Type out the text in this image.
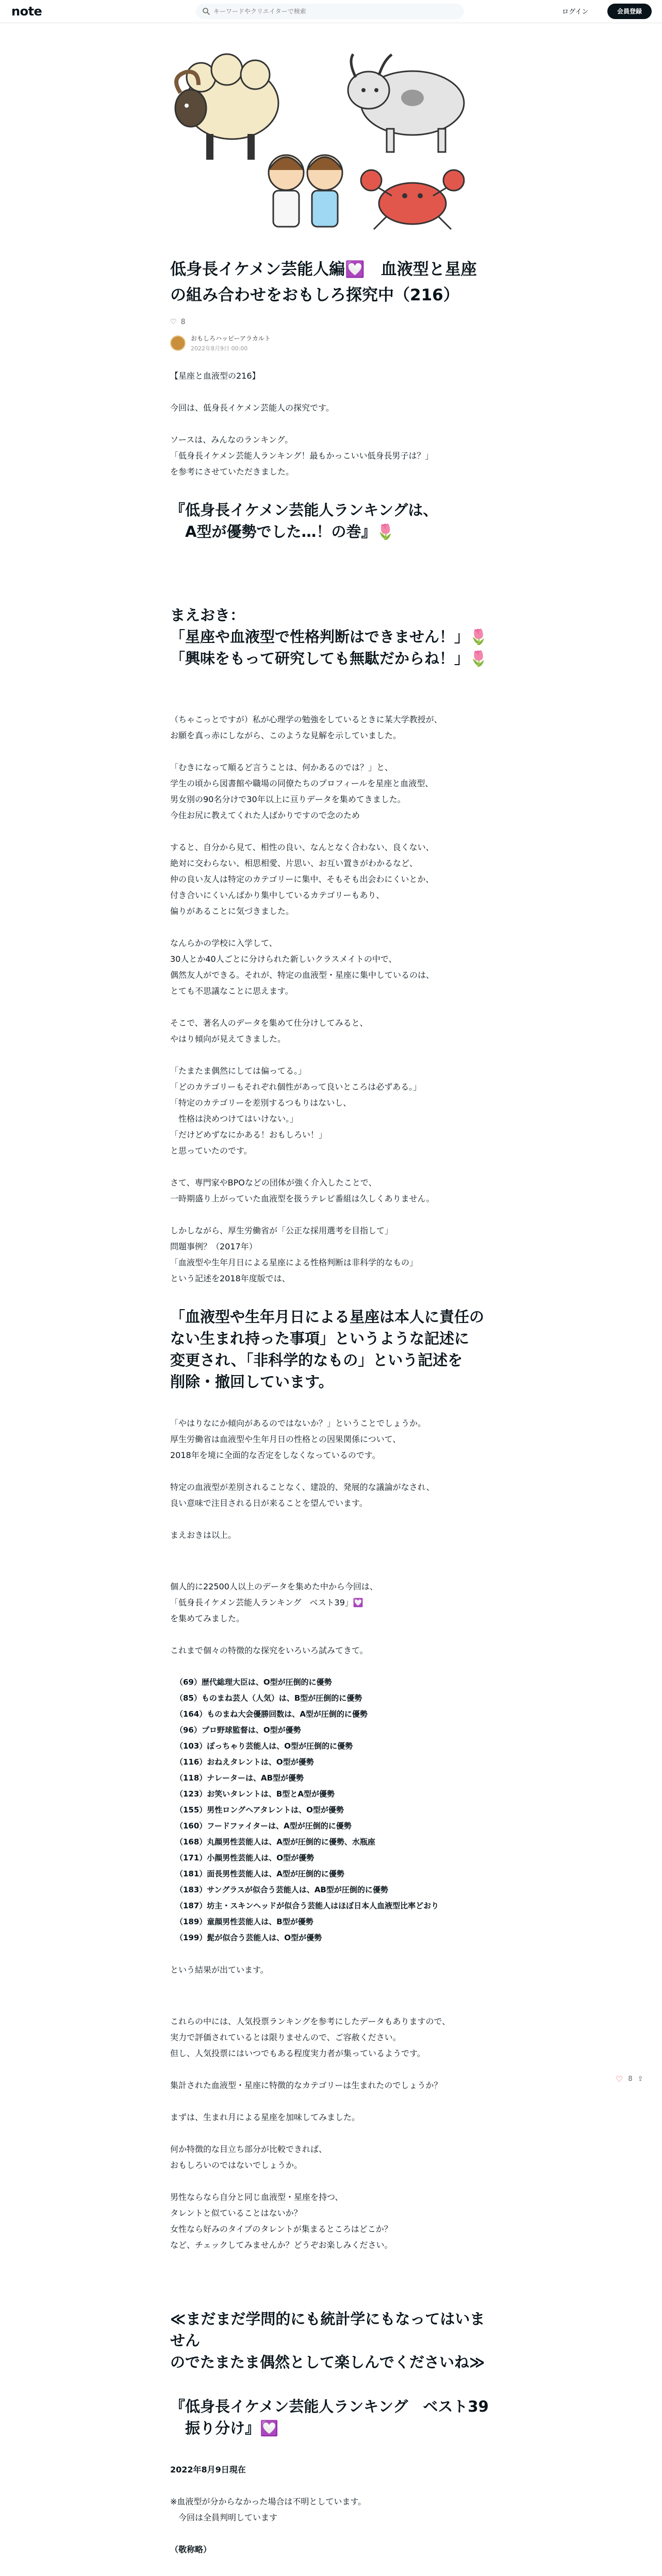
note
キーワードやクリエイターで検索	ログイン	会員登録
低身長イケメン芸能人編💟　血液型と星座の組み合わせをおもしろ探究中（216）
♡ 8
おもしろハッピーアラカルト
2022年8月9日 00:00

【星座と血液型の216】

今回は、低身長イケメン芸能人の探究です。

ソースは、みんなのランキング。
「低身長イケメン芸能人ランキング！最もかっこいい低身長男子は？」
を参考にさせていただきました。

『低身長イケメン芸能人ランキングは、
　A型が優勢でした…！の巻』🌷
まえおき：
「星座や血液型で性格判断はできません！」🌷
「興味をもって研究しても無駄だからね！」🌷

（ちゃこっとですが）私が心理学の勉強をしているときに某大学教授が、
お願を真っ赤にしながら、このような見解を示していました。

「むきになって順るど言うことは、何かあるのでは？」と、
学生の頃から図書館や職場の同僚たちのプロフィールを星座と血液型、
男女別の90名分けで30年以上に亘りデータを集めてきました。
今住お尻に教えてくれた人ばかりですので念のため

すると、自分から見て、相性の良い、なんとなく合わない、良くない、
絶対に交わらない、相思相愛、片思い、お互い置きがわかるなど、
仲の良い友人は特定のカテゴリーに集中、そもそも出会わにくいとか、
付き合いにくいんばかり集中しているカテゴリーもあり、
偏りがあることに気づきました。

なんらかの学校に入学して、
30人とか40人ごとに分けられた新しいクラスメイトの中で、
偶然友人ができる。それが、特定の血液型・星座に集中しているのは、
とても不思議なことに思えます。

そこで、著名人のデータを集めて仕分けしてみると、
やはり傾向が見えてきました。

「たまたま偶然にしては偏ってる。」
「どのカテゴリーもそれぞれ個性があって良いところは必ずある。」
「特定のカテゴリーを差別するつもりはないし、
　性格は決めつけてはいけない。」
「だけどめずなにかある！おもしろい！」
と思っていたのです。

さて、専門家やBPOなどの団体が強く介入したことで、
一時期盛り上がっていた血液型を扱うテレビ番組は久しくありません。

しかしながら、厚生労働省が「公正な採用選考を目指して」
問題事例？（2017年）
「血液型や生年月日による星座による性格判断は非科学的なもの」
という記述を2018年度版では、

「血液型や生年月日による星座は本人に責任の
ない生まれ持った事項」というような記述に
変更され、「非科学的なもの」という記述を
削除・撤回しています。

「やはりなにか傾向があるのではないか？」ということでしょうか。
厚生労働省は血液型や生年月日の性格との因果関係について、
2018年を境に全面的な否定をしなくなっているのです。

特定の血液型が差別されることなく、建設的、発展的な議論がなされ、
良い意味で注目される日が来ることを望んでいます。

まえおきは以上。

個人的に22500人以上のデータを集めた中から今回は、
「低身長イケメン芸能人ランキング　ベスト39」💟
を集めてみました。

これまで個々の特徴的な探究をいろいろ試みてきて。

（69）歴代総理大臣は、O型が圧倒的に優勢
（85）ものまね芸人（人気）は、B型が圧倒的に優勢
（164）ものまね大会優勝回数は、A型が圧倒的に優勢
（96）プロ野球監督は、O型が優勢
（103）ぽっちゃり芸能人は、O型が圧倒的に優勢
（116）おねえタレントは、O型が優勢
（118）ナレーターは、AB型が優勢
（123）お笑いタレントは、B型とA型が優勢
（155）男性ロングヘアタレントは、O型が優勢
（160）フードファイターは、A型が圧倒的に優勢
（168）丸顔男性芸能人は、A型が圧倒的に優勢、水瓶座
（171）小顔男性芸能人は、O型が優勢
（181）面長男性芸能人は、A型が圧倒的に優勢
（183）サングラスが似合う芸能人は、AB型が圧倒的に優勢
（187）坊主・スキンヘッドが似合う芸能人はほぼ日本人血液型比率どおり
（189）童顔男性芸能人は、B型が優勢
（199）髭が似合う芸能人は、O型が優勢

という結果が出ています。

これらの中には、人気投票ランキングを参考にしたデータもありますので、
実力で評価されているとは限りませんので、ご容赦ください。
但し、人気投票にはいつでもある程度実力者が集っているようです。

集計された血液型・星座に特徴的なカテゴリーは生まれたのでしょうか？

まずは、生まれ月による星座を加味してみました。

何か特徴的な目立ち部分が比較できれば、
おもしろいのではないでしょうか。

男性ならなら自分と同じ血液型・星座を持つ、
タレントと似ていることはないか？
女性なら好みのタイプのタレントが集まるところはどこか？
など、チェックしてみませんか？どうぞお楽しみください。

≪まだまだ学問的にも統計学にもなってはいません
のでたまたま偶然として楽しんでくださいね≫
『低身長イケメン芸能人ランキング　ベスト39
　振り分け』💟

2022年8月9日現在

※血液型が分からなかった場合は不明としています。
　今回は全員判明しています

（敬称略）

♡ 8 ⇪
